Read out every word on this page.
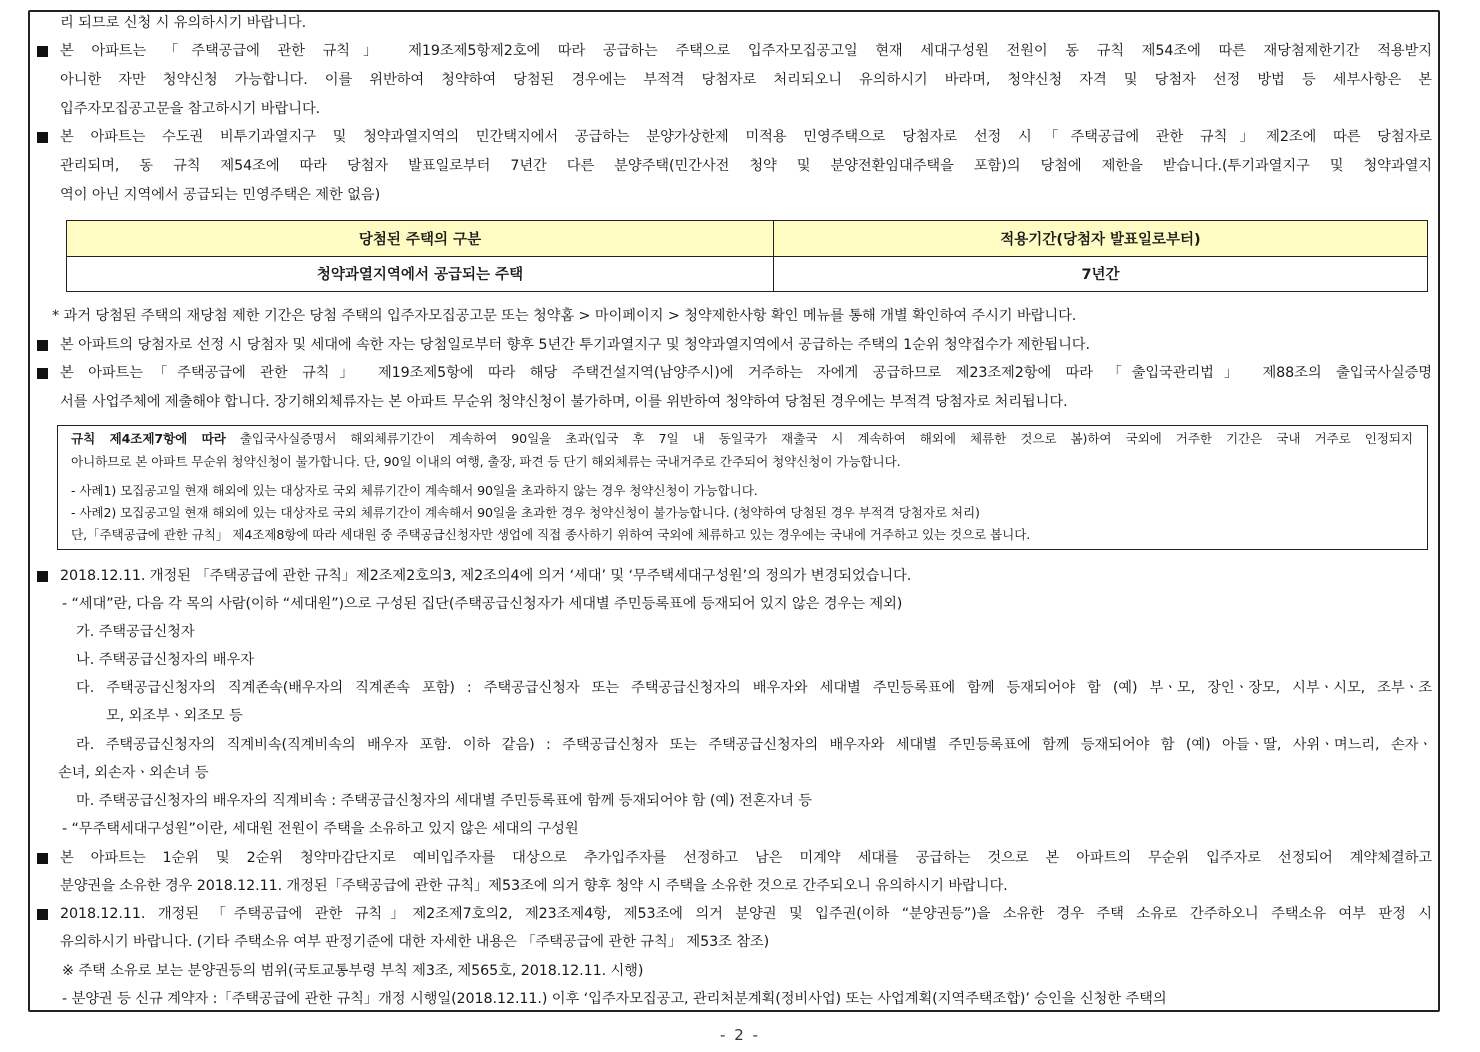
리 되므로 신청 시 유의하시기 바랍니다.
본 아파트는 「주택공급에 관한 규칙」 제19조제5항제2호에 따라 공급하는 주택으로 입주자모집공고일 현재 세대구성원 전원이 동 규칙 제54조에 따른 재당첨제한기간 적용받지
아니한 자만 청약신청 가능합니다. 이를 위반하여 청약하여 당첨된 경우에는 부적격 당첨자로 처리되오니 유의하시기 바라며, 청약신청 자격 및 당첨자 선정 방법 등 세부사항은 본
입주자모집공고문을 참고하시기 바랍니다.
본 아파트는 수도권 비투기과열지구 및 청약과열지역의 민간택지에서 공급하는 분양가상한제 미적용 민영주택으로 당첨자로 선정 시「주택공급에 관한 규칙」제2조에 따른 당첨자로
관리되며, 동 규칙 제54조에 따라 당첨자 발표일로부터 7년간 다른 분양주택(민간사전 청약 및 분양전환임대주택을 포함)의 당첨에 제한을 받습니다.(투기과열지구 및 청약과열지
역이 아닌 지역에서 공급되는 민영주택은 제한 없음)
당첨된 주택의 구분	적용기간(당첨자 발표일로부터)
청약과열지역에서 공급되는 주택	7년간
* 과거 당첨된 주택의 재당첨 제한 기간은 당첨 주택의 입주자모집공고문 또는 청약홈 > 마이페이지 > 청약제한사항 확인 메뉴를 통해 개별 확인하여 주시기 바랍니다.
본 아파트의 당첨자로 선정 시 당첨자 및 세대에 속한 자는 당첨일로부터 향후 5년간 투기과열지구 및 청약과열지역에서 공급하는 주택의 1순위 청약접수가 제한됩니다.
본 아파트는「주택공급에 관한 규칙」 제19조제5항에 따라 해당 주택건설지역(남양주시)에 거주하는 자에게 공급하므로 제23조제2항에 따라 「출입국관리법」 제88조의 출입국사실증명
서를 사업주체에 제출해야 합니다. 장기해외체류자는 본 아파트 무순위 청약신청이 불가하며, 이를 위반하여 청약하여 당첨된 경우에는 부적격 당첨자로 처리됩니다.
규칙 제4조제7항에 따라 출입국사실증명서 해외체류기간이 계속하여 90일을 초과(입국 후 7일 내 동일국가 재출국 시 계속하여 해외에 체류한 것으로 봄)하여 국외에 거주한 기간은 국내 거주로 인정되지
아니하므로 본 아파트 무순위 청약신청이 불가합니다. 단, 90일 이내의 여행, 출장, 파견 등 단기 해외체류는 국내거주로 간주되어 청약신청이 가능합니다.
- 사례1) 모집공고일 현재 해외에 있는 대상자로 국외 체류기간이 계속해서 90일을 초과하지 않는 경우 청약신청이 가능합니다.
- 사례2) 모집공고일 현재 해외에 있는 대상자로 국외 체류기간이 계속해서 90일을 초과한 경우 청약신청이 불가능합니다. (청약하여 당첨된 경우 부적격 당첨자로 처리)
단,「주택공급에 관한 규칙」 제4조제8항에 따라 세대원 중 주택공급신청자만 생업에 직접 종사하기 위하여 국외에 체류하고 있는 경우에는 국내에 거주하고 있는 것으로 봅니다.
2018.12.11. 개정된 「주택공급에 관한 규칙」제2조제2호의3, 제2조의4에 의거 ‘세대’ 및 ‘무주택세대구성원’의 정의가 변경되었습니다.
- “세대”란, 다음 각 목의 사람(이하 “세대원”)으로 구성된 집단(주택공급신청자가 세대별 주민등록표에 등재되어 있지 않은 경우는 제외)
가. 주택공급신청자
나. 주택공급신청자의 배우자
다. 주택공급신청자의 직계존속(배우자의 직계존속 포함) : 주택공급신청자 또는 주택공급신청자의 배우자와 세대별 주민등록표에 함께 등재되어야 함 (예) 부ㆍ모, 장인ㆍ장모, 시부ㆍ시모, 조부ㆍ조
모, 외조부ㆍ외조모 등
라. 주택공급신청자의 직계비속(직계비속의 배우자 포함. 이하 같음) : 주택공급신청자 또는 주택공급신청자의 배우자와 세대별 주민등록표에 함께 등재되어야 함 (예) 아들ㆍ딸, 사위ㆍ며느리, 손자ㆍ
손녀, 외손자ㆍ외손녀 등
마. 주택공급신청자의 배우자의 직계비속 : 주택공급신청자의 세대별 주민등록표에 함께 등재되어야 함 (예) 전혼자녀 등
- “무주택세대구성원”이란, 세대원 전원이 주택을 소유하고 있지 않은 세대의 구성원
본 아파트는 1순위 및 2순위 청약마감단지로 예비입주자를 대상으로 추가입주자를 선정하고 남은 미계약 세대를 공급하는 것으로 본 아파트의 무순위 입주자로 선정되어 계약체결하고
분양권을 소유한 경우 2018.12.11. 개정된「주택공급에 관한 규칙」제53조에 의거 향후 청약 시 주택을 소유한 것으로 간주되오니 유의하시기 바랍니다.
2018.12.11. 개정된 「주택공급에 관한 규칙」제2조제7호의2, 제23조제4항, 제53조에 의거 분양권 및 입주권(이하 “분양권등”)을 소유한 경우 주택 소유로 간주하오니 주택소유 여부 판정 시
유의하시기 바랍니다. (기타 주택소유 여부 판정기준에 대한 자세한 내용은 「주택공급에 관한 규칙」 제53조 참조)
※ 주택 소유로 보는 분양권등의 범위(국토교통부령 부칙 제3조, 제565호, 2018.12.11. 시행)
- 분양권 등 신규 계약자 :「주택공급에 관한 규칙」개정 시행일(2018.12.11.) 이후 ‘입주자모집공고, 관리처분계획(정비사업) 또는 사업계획(지역주택조합)’ 승인을 신청한 주택의
- 2 -
